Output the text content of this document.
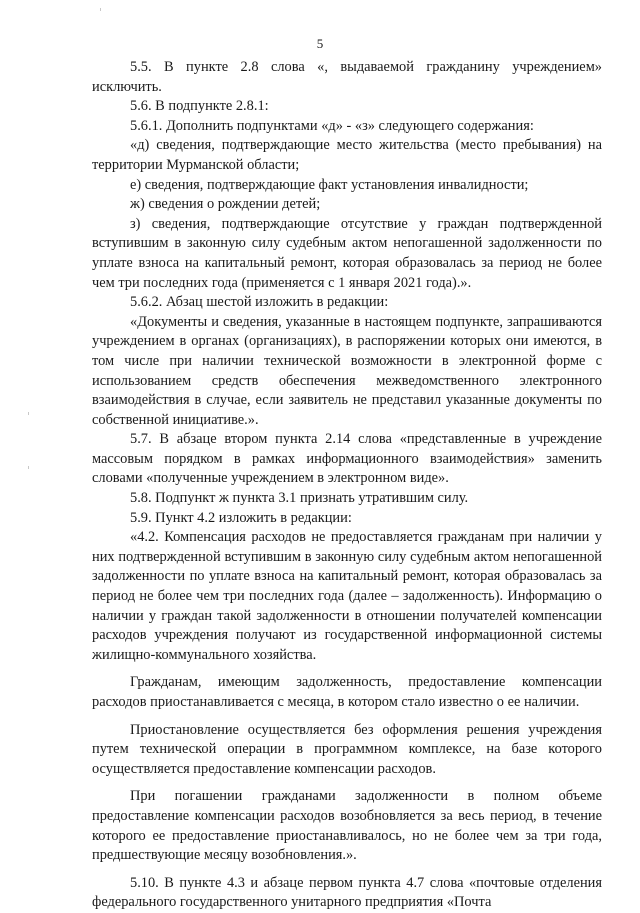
5

5.5. В пункте 2.8 слова «, выдаваемой гражданину учреждением» исключить.

5.6. В подпункте 2.8.1:

5.6.1. Дополнить подпунктами «д» - «з» следующего содержания:

«д) сведения, подтверждающие место жительства (место пребывания) на территории Мурманской области;

е) сведения, подтверждающие факт установления инвалидности;

ж) сведения о рождении детей;

з) сведения, подтверждающие отсутствие у граждан подтвержденной вступившим в законную силу судебным актом непогашенной задолженности по уплате взноса на капитальный ремонт, которая образовалась за период не более чем три последних года (применяется с 1 января 2021 года).».

5.6.2. Абзац шестой изложить в редакции:

«Документы и сведения, указанные в настоящем подпункте, запрашиваются учреждением в органах (организациях), в распоряжении которых они имеются, в том числе при наличии технической возможности в электронной форме с использованием средств обеспечения межведомственного электронного взаимодействия в случае, если заявитель не представил указанные документы по собственной инициативе.».

5.7. В абзаце втором пункта 2.14 слова «представленные в учреждение массовым порядком в рамках информационного взаимодействия» заменить словами «полученные учреждением в электронном виде».

5.8. Подпункт ж пункта 3.1 признать утратившим силу.

5.9. Пункт 4.2 изложить в редакции:

«4.2. Компенсация расходов не предоставляется гражданам при наличии у них подтвержденной вступившим в законную силу судебным актом непогашенной задолженности по уплате взноса на капитальный ремонт, которая образовалась за период не более чем три последних года (далее – задолженность). Информацию о наличии у граждан такой задолженности в отношении получателей компенсации расходов учреждения получают из государственной информационной системы жилищно-коммунального хозяйства.

Гражданам, имеющим задолженность, предоставление компенсации расходов приостанавливается с месяца, в котором стало известно о ее наличии.

Приостановление осуществляется без оформления решения учреждения путем технической операции в программном комплексе, на базе которого осуществляется предоставление компенсации расходов.

При погашении гражданами задолженности в полном объеме предоставление компенсации расходов возобновляется за весь период, в течение которого ее предоставление приостанавливалось, но не более чем за три года, предшествующие месяцу возобновления.».

5.10. В пункте 4.3 и абзаце первом пункта 4.7 слова «почтовые отделения федерального государственного унитарного предприятия «Почта
